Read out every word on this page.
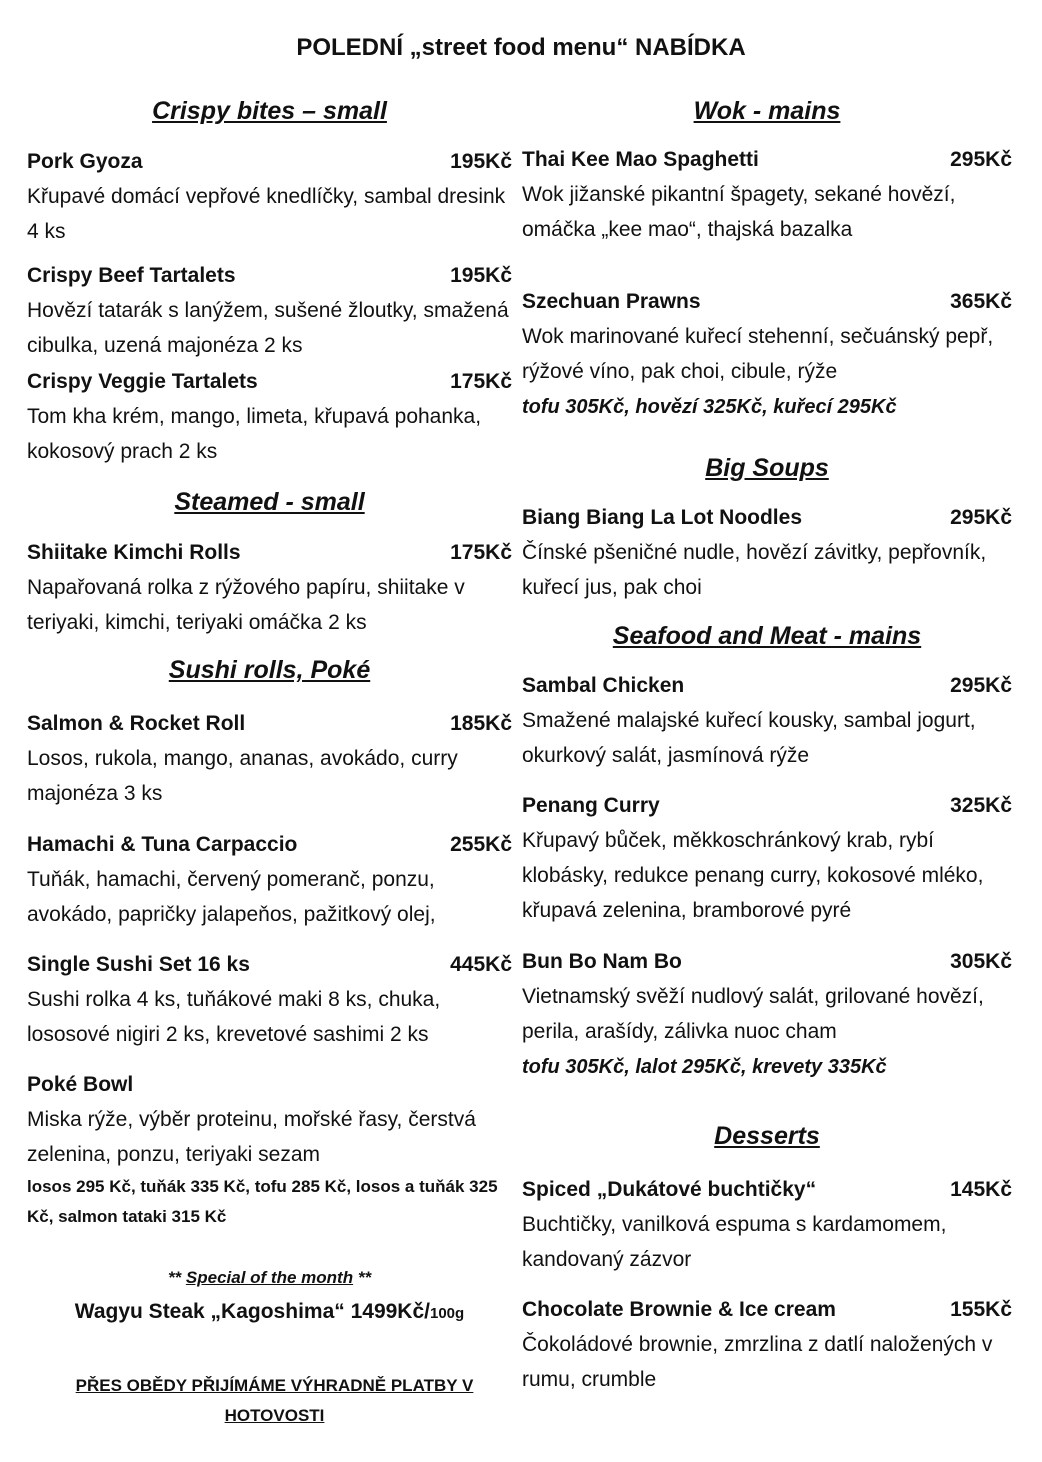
POLEDNÍ „street food menu“ NABÍDKA
Crispy bites – small
Pork Gyoza	195Kč
Křupavé domácí vepřové knedlíčky, sambal dresink 4 ks
Crispy Beef Tartalets	195Kč
Hovězí tatarák s lanýžem, sušené žloutky, smažená cibulka, uzená majonéza 2 ks
Crispy Veggie Tartalets	175Kč
Tom kha krém, mango, limeta, křupavá pohanka, kokosový prach 2 ks
Steamed - small
Shiitake Kimchi Rolls	175Kč
Napařovaná rolka z rýžového papíru, shiitake v teriyaki, kimchi, teriyaki omáčka 2 ks
Sushi rolls, Poké
Salmon & Rocket Roll	185Kč
Losos, rukola, mango, ananas, avokádo, curry majonéza 3 ks
Hamachi & Tuna Carpaccio	255Kč
Tuňák, hamachi, červený pomeranč, ponzu, avokádo, papričky jalapeňos, pažitkový olej,
Single Sushi Set 16 ks	445Kč
Sushi rolka 4 ks, tuňákové maki 8 ks, chuka, lososové nigiri 2 ks, krevetové sashimi 2 ks
Poké Bowl
Miska rýže, výběr proteinu, mořské řasy, čerstvá zelenina, ponzu, teriyaki sezam
losos 295 Kč, tuňák 335 Kč, tofu 285 Kč, losos a tuňák 325 Kč, salmon tataki 315 Kč
** Special of the month **
Wagyu Steak „Kagoshima“ 1499Kč/100g
PŘES OBĚDY PŘIJÍMÁME VÝHRADNĚ PLATBY V HOTOVOSTI
Wok - mains
Thai Kee Mao Spaghetti	295Kč
Wok jižanské pikantní špagety, sekané hovězí, omáčka „kee mao“, thajská bazalka
Szechuan Prawns	365Kč
Wok marinované kuřecí stehenní, sečuánský pepř, rýžové víno, pak choi, cibule, rýže
tofu 305Kč, hovězí 325Kč, kuřecí 295Kč
Big Soups
Biang Biang La Lot Noodles	295Kč
Čínské pšeničné nudle, hovězí závitky, pepřovník, kuřecí jus, pak choi
Seafood and Meat - mains
Sambal Chicken	295Kč
Smažené malajské kuřecí kousky, sambal jogurt, okurkový salát, jasmínová rýže
Penang Curry	325Kč
Křupavý bůček, měkkoschránkový krab, rybí klobásky, redukce penang curry, kokosové mléko, křupavá zelenina, bramborové pyré
Bun Bo Nam Bo	305Kč
Vietnamský svěží nudlový salát, grilované hovězí, perila, arašídy, zálivka nuoc cham
tofu 305Kč, lalot 295Kč, krevety 335Kč
Desserts
Spiced „Dukátové buchtičky“	145Kč
Buchtičky, vanilková espuma s kardamomem, kandovaný zázvor
Chocolate Brownie & Ice cream	155Kč
Čokoládové brownie, zmrzlina z datlí naložených v rumu, crumble
